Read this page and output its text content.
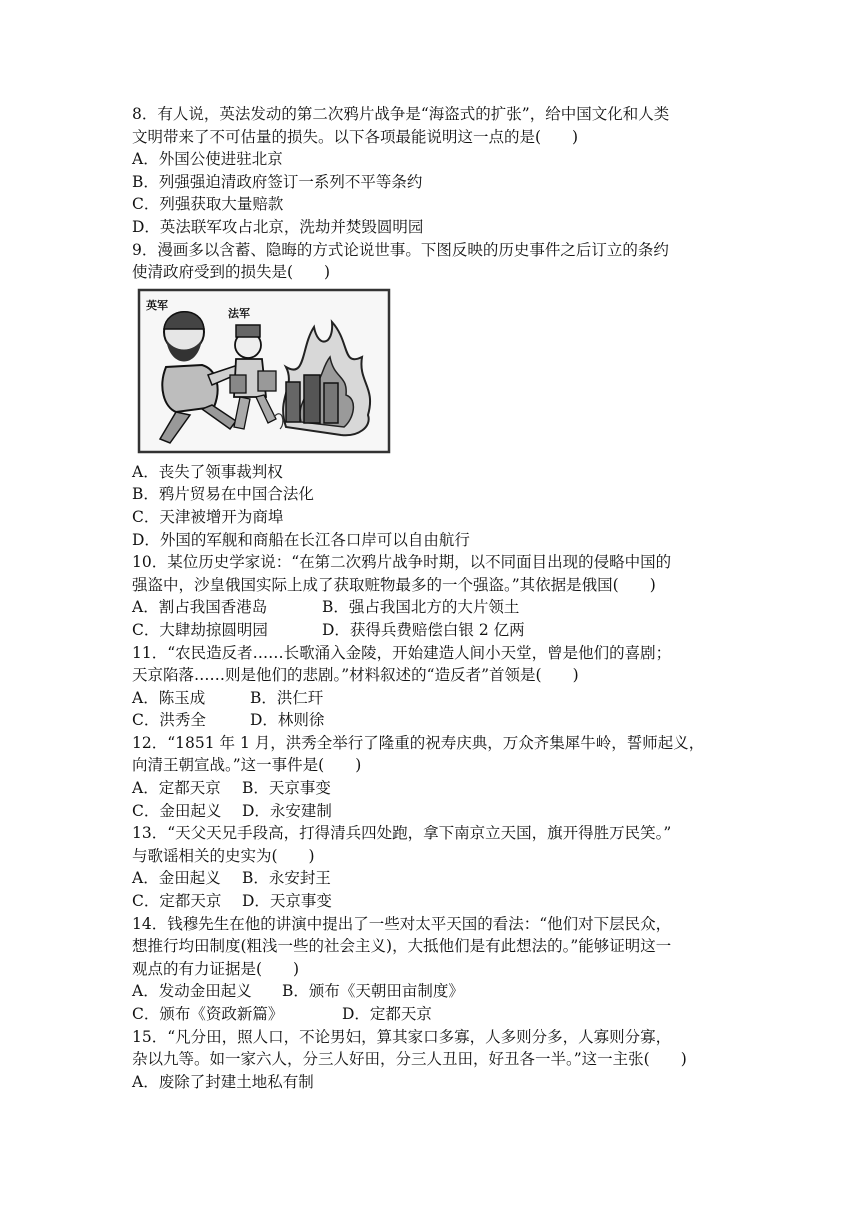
8．有人说，英法发动的第二次鸦片战争是“海盗式的扩张”，给中国文化和人类
文明带来了不可估量的损失。以下各项最能说明这一点的是(　　)
A．外国公使进驻北京
B．列强强迫清政府签订一系列不平等条约
C．列强获取大量赔款
D．英法联军攻占北京，洗劫并焚毁圆明园
9．漫画多以含蓄、隐晦的方式论说世事。下图反映的历史事件之后订立的条约
使清政府受到的损失是(　　)
英军
法军
A．丧失了领事裁判权
B．鸦片贸易在中国合法化
C．天津被增开为商埠
D．外国的军舰和商船在长江各口岸可以自由航行
10．某位历史学家说：“在第二次鸦片战争时期，以不同面目出现的侵略中国的
强盗中，沙皇俄国实际上成了获取赃物最多的一个强盗。”其依据是俄国(　　)
A．割占我国香港岛	B．强占我国北方的大片领土
C．大肆劫掠圆明园	D．获得兵费赔偿白银 2 亿两
11．“农民造反者……长歌涌入金陵，开始建造人间小天堂，曾是他们的喜剧；
天京陷落……则是他们的悲剧。”材料叙述的“造反者”首领是(　　)
A．陈玉成	B．洪仁玕
C．洪秀全	D．林则徐
12．“1851 年 1 月，洪秀全举行了隆重的祝寿庆典，万众齐集犀牛岭，誓师起义，
向清王朝宣战。”这一事件是(　　)
A．定都天京 B．天京事变
C．金田起义 D．永安建制
13．“天父天兄手段高，打得清兵四处跑，拿下南京立天国，旗开得胜万民笑。”
与歌谣相关的史实为(　　)
A．金田起义 B．永安封王
C．定都天京 D．天京事变
14．钱穆先生在他的讲演中提出了一些对太平天国的看法：“他们对下层民众，
想推行均田制度(粗浅一些的社会主义)，大抵他们是有此想法的。”能够证明这一
观点的有力证据是(　　)
A．发动金田起义 B．颁布《天朝田亩制度》
C．颁布《资政新篇》	D．定都天京
15．“凡分田，照人口，不论男妇，算其家口多寡，人多则分多，人寡则分寡，
杂以九等。如一家六人，分三人好田，分三人丑田，好丑各一半。”这一主张(　　)
A．废除了封建土地私有制
